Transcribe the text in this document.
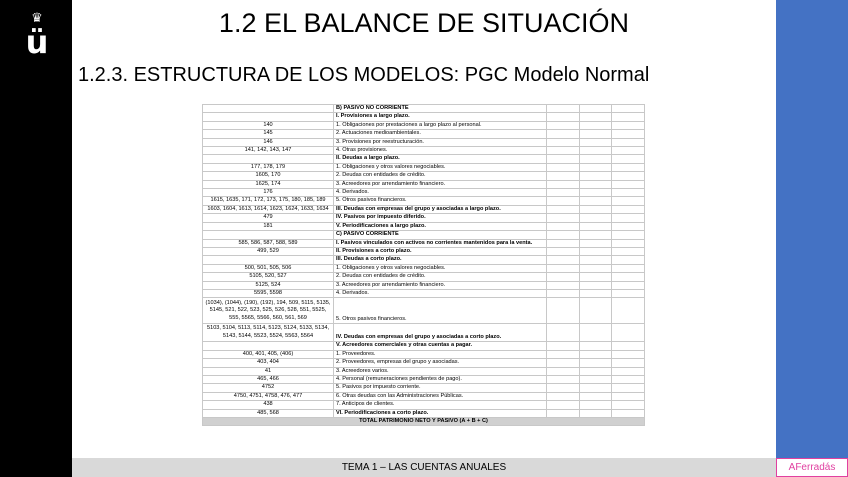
♛
ü	1.2 EL BALANCE DE SITUACIÓN
1.2.3. ESTRUCTURA DE LOS MODELOS: PGC Modelo Normal
	B) PASIVO NO CORRIENTE			
	I. Provisiones a largo plazo.			
140	1. Obligaciones por prestaciones a largo plazo al personal.			
145	2. Actuaciones medioambientales.			
146	3. Provisiones por reestructuración.			
141, 142, 143, 147	4. Otras provisiones.			
	II. Deudas a largo plazo.			
177, 178, 179	1. Obligaciones y otros valores negociables.			
1605, 170	2. Deudas con entidades de crédito.			
1625, 174	3. Acreedores por arrendamiento financiero.			
176	4. Derivados.			
1615, 1635, 171, 172, 173, 175, 180, 185, 189	5. Otros pasivos financieros.			
1603, 1604, 1613, 1614, 1623, 1624, 1633, 1634	III. Deudas con empresas del grupo y asociadas a largo plazo.			
479	IV. Pasivos por impuesto diferido.			
181	V. Periodificaciones a largo plazo.			
	C) PASIVO CORRIENTE			
585, 586, 587, 588, 589	I. Pasivos vinculados con activos no corrientes mantenidos para la venta.			
499, 529	II. Provisiones a corto plazo.			
	III. Deudas a corto plazo.			
500, 501, 505, 506	1. Obligaciones y otros valores negociables.			
5105, 520, 527	2. Deudas con entidades de crédito.			
5125, 524	3. Acreedores por arrendamiento financiero.			
5595, 5598	4. Derivados.			
(1034), (1044), (190), (192), 194, 509, 5115, 5135, 5145, 521, 522, 523, 525, 526, 528, 551, 5525, 555, 5565, 5566, 560, 561, 569	5. Otros pasivos financieros.			
5103, 5104, 5113, 5114, 5123, 5124, 5133, 5134, 5143, 5144, 5523, 5524, 5563, 5564	IV. Deudas con empresas del grupo y asociadas a corto plazo.			
	V. Acreedores comerciales y otras cuentas a pagar.			
400, 401, 405, (406)	1. Proveedores.			
403, 404	2. Proveedores, empresas del grupo y asociadas.			
41	3. Acreedores varios.			
465, 466	4. Personal (remuneraciones pendientes de pago).			
4752	5. Pasivos por impuesto corriente.			
4750, 4751, 4758, 476, 477	6. Otras deudas con las Administraciones Públicas.			
438	7. Anticipos de clientes.			
485, 568	VI. Periodificaciones a corto plazo.			
TOTAL PATRIMONIO NETO Y PASIVO (A + B + C)				
TEMA 1 – LAS CUENTAS ANUALES	AFerradás
